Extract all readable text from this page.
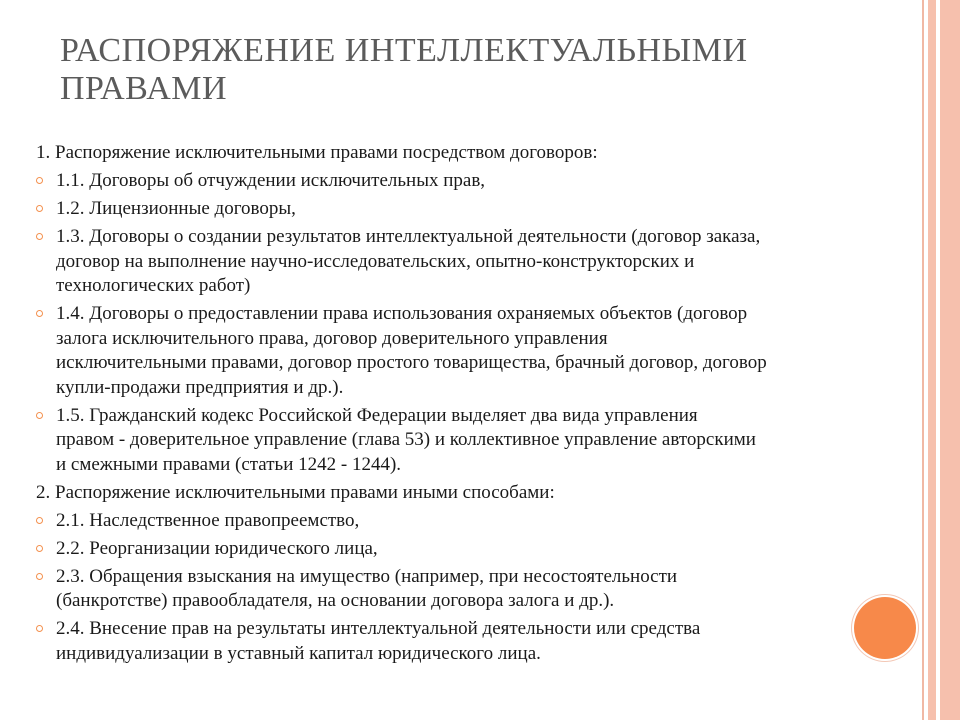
РАСПОРЯЖЕНИЕ ИНТЕЛЛЕКТУАЛЬНЫМИ
ПРАВАМИ
1. Распоряжение исключительными правами посредством договоров:
1.1. Договоры об отчуждении исключительных прав,
1.2. Лицензионные договоры,
1.3. Договоры о создании результатов интеллектуальной деятельности (договор заказа,
договор на выполнение научно-исследовательских, опытно-конструкторских и
технологических работ)
1.4. Договоры о предоставлении права использования охраняемых объектов (договор
залога исключительного права, договор доверительного управления
исключительными правами, договор простого товарищества, брачный договор, договор
купли-продажи предприятия и др.).
1.5. Гражданский кодекс Российской Федерации выделяет два вида управления
правом - доверительное управление (глава 53) и коллективное управление авторскими
и смежными правами (статьи 1242 - 1244).
2. Распоряжение исключительными правами иными способами:
2.1. Наследственное правопреемство,
2.2. Реорганизации юридического лица,
2.3. Обращения взыскания на имущество (например, при несостоятельности
(банкротстве) правообладателя, на основании договора залога и др.).
2.4. Внесение прав на результаты интеллектуальной деятельности или средства
индивидуализации в уставный капитал юридического лица.
